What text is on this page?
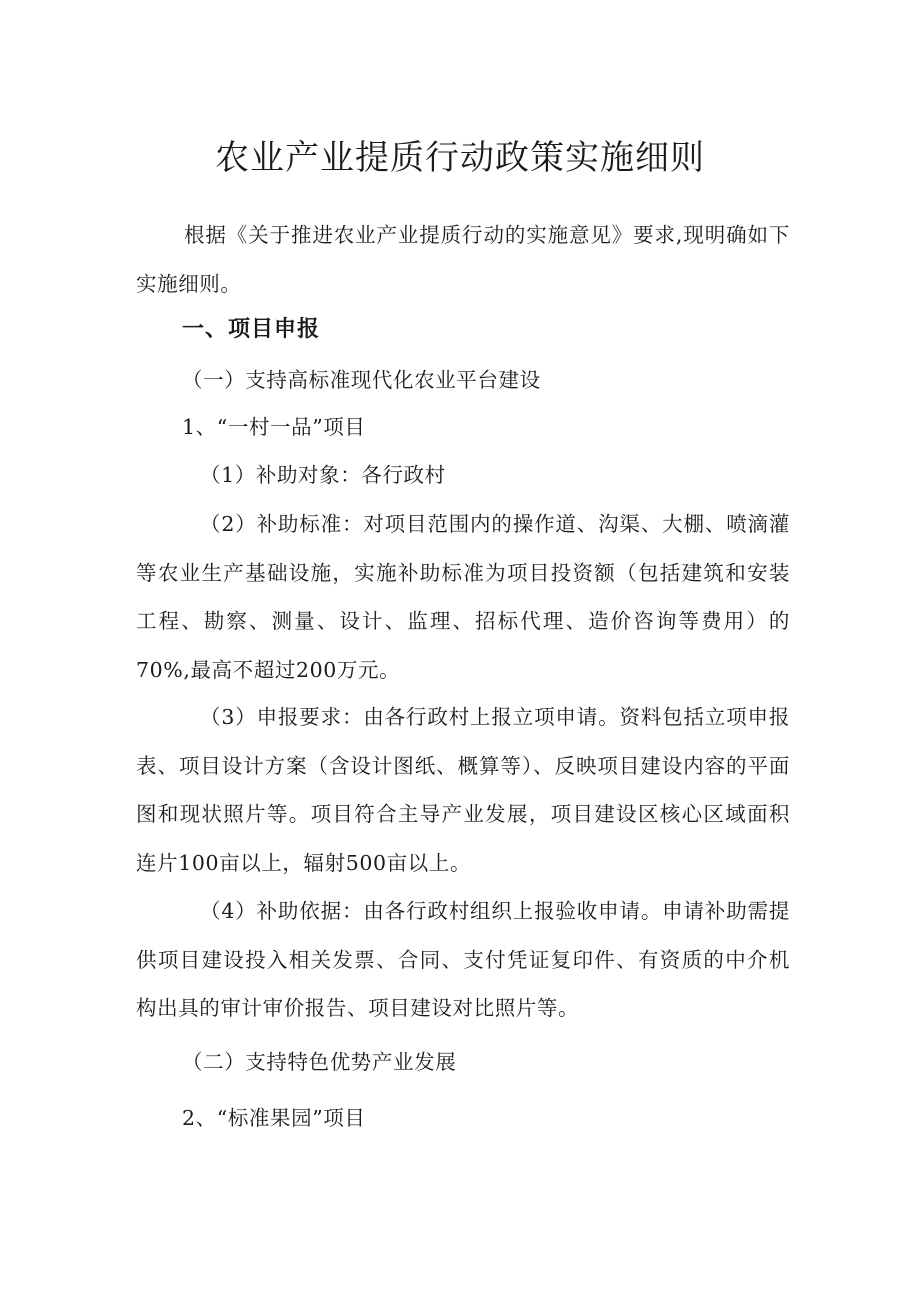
农业产业提质行动政策实施细则
根据《关于推进农业产业提质行动的实施意见》要求,现明确如下实施细则。
一、项目申报
（一）支持高标准现代化农业平台建设
1、“一村一品”项目
（1）补助对象：各行政村
（2）补助标准：对项目范围内的操作道、沟渠、大棚、喷滴灌等农业生产基础设施，实施补助标准为项目投资额（包括建筑和安装工程、勘察、测量、设计、监理、招标代理、造价咨询等费用）的70%,最高不超过200万元。
（3）申报要求：由各行政村上报立项申请。资料包括立项申报表、项目设计方案（含设计图纸、概算等）、反映项目建设内容的平面图和现状照片等。项目符合主导产业发展，项目建设区核心区域面积连片100亩以上，辐射500亩以上。
（4）补助依据：由各行政村组织上报验收申请。申请补助需提供项目建设投入相关发票、合同、支付凭证复印件、有资质的中介机构出具的审计审价报告、项目建设对比照片等。
（二）支持特色优势产业发展
2、“标准果园”项目
